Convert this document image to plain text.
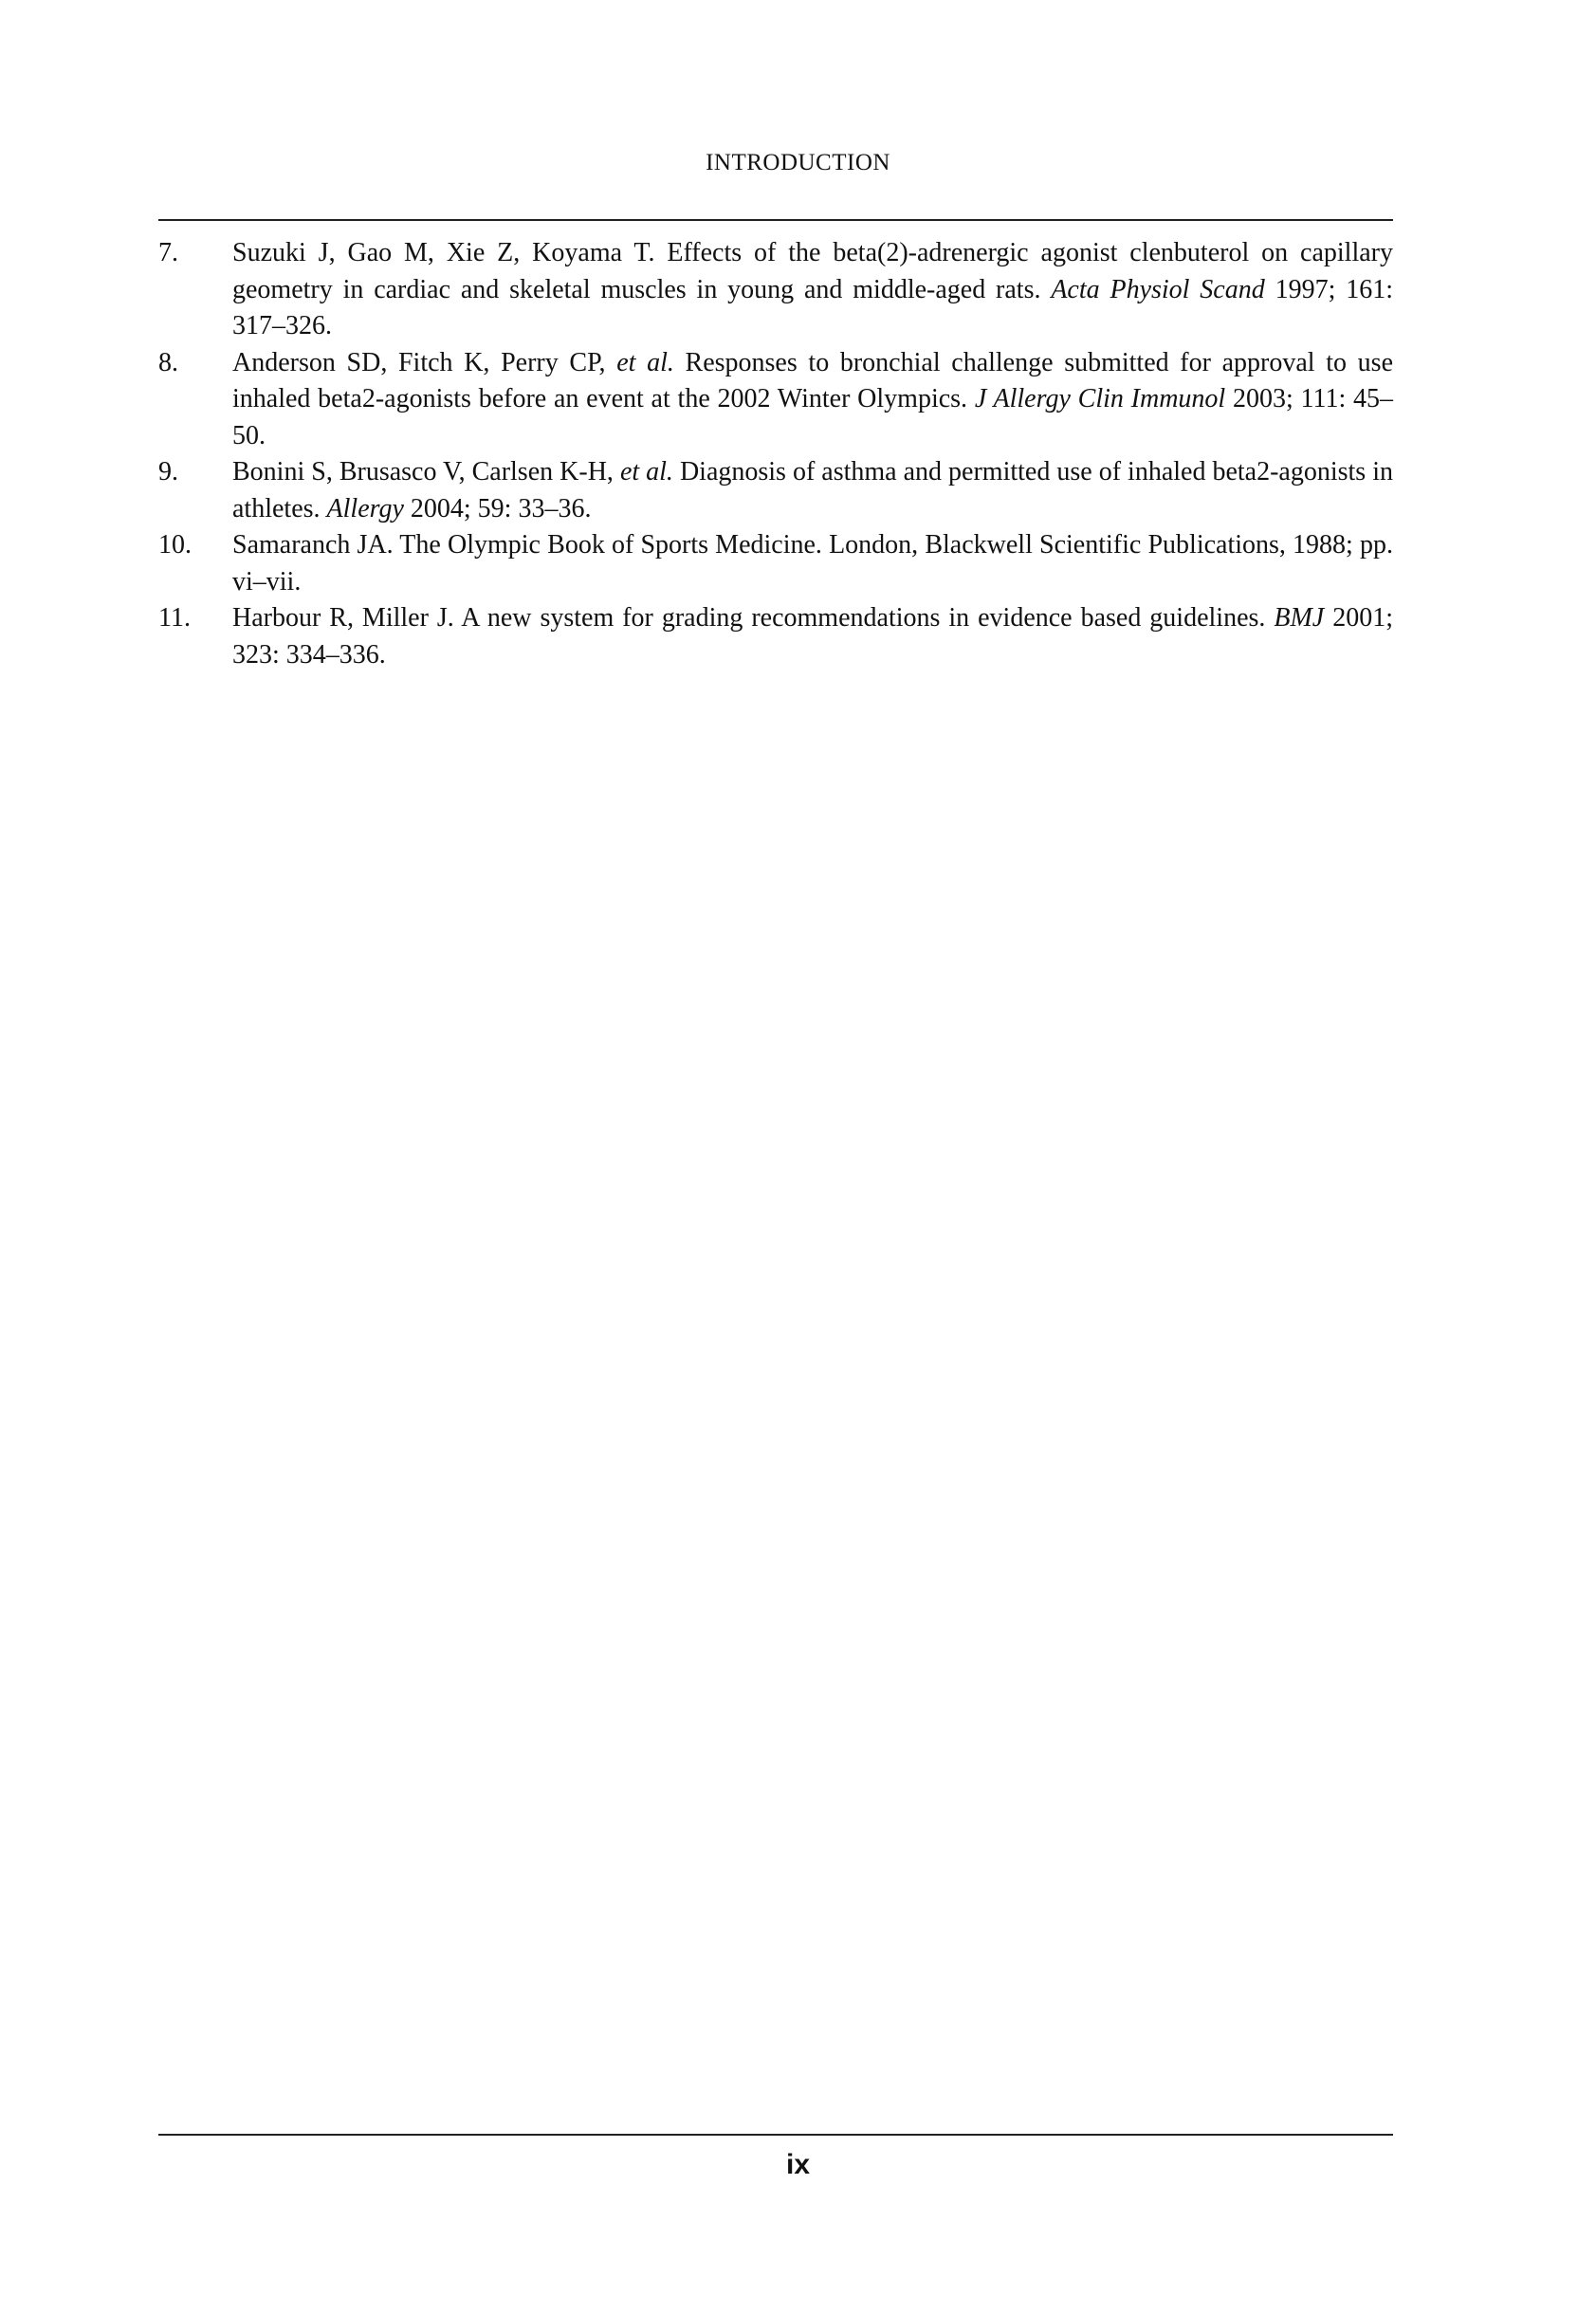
INTRODUCTION
7.	Suzuki J, Gao M, Xie Z, Koyama T. Effects of the beta(2)-adrenergic agonist clenbuterol on capillary geometry in cardiac and skeletal muscles in young and middle-aged rats. Acta Physiol Scand 1997; 161: 317–326.

8.	Anderson SD, Fitch K, Perry CP, et al. Responses to bronchial challenge submitted for approval to use inhaled beta2-agonists before an event at the 2002 Winter Olympics. J Allergy Clin Immunol 2003; 111: 45–50.

9.	Bonini S, Brusasco V, Carlsen K-H, et al. Diagnosis of asthma and permitted use of inhaled beta2-agonists in athletes. Allergy 2004; 59: 33–36.

10.	Samaranch JA. The Olympic Book of Sports Medicine. London, Blackwell Scientific Publications, 1988; pp. vi–vii.

11.	Harbour R, Miller J. A new system for grading recommendations in evidence based guidelines. BMJ 2001; 323: 334–336.

ix
